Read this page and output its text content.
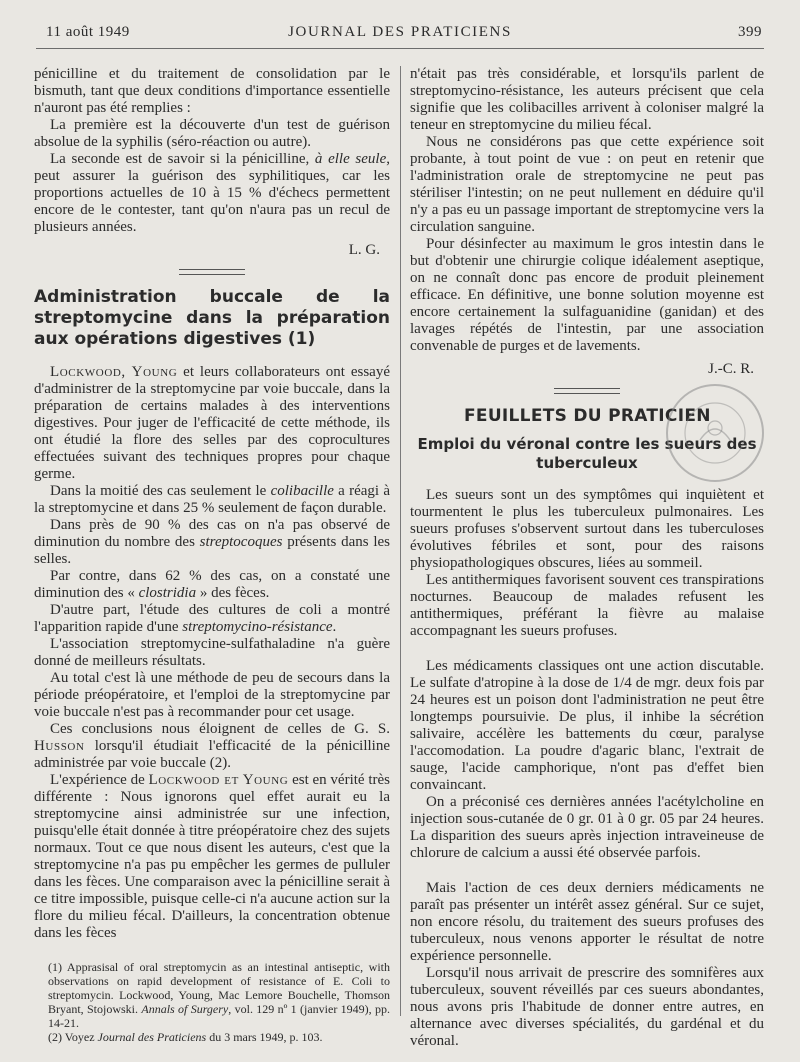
11 août 1949	JOURNAL DES PRATICIENS	399

pénicilline et du traitement de consolidation par le bismuth, tant que deux conditions d'importance essentielle n'auront pas été remplies :

La première est la découverte d'un test de guérison absolue de la syphilis (séro-réaction ou autre).

La seconde est de savoir si la pénicilline, à elle seule, peut assurer la guérison des syphilitiques, car les proportions actuelles de 10 à 15 % d'échecs permettent encore de le contester, tant qu'on n'aura pas un recul de plusieurs années.

L. G.

Administration buccale de la streptomycine dans la préparation aux opérations digestives (1)

Lockwood, Young et leurs collaborateurs ont essayé d'administrer de la streptomycine par voie buccale, dans la préparation de certains malades à des interventions digestives. Pour juger de l'efficacité de cette méthode, ils ont étudié la flore des selles par des coprocultures effectuées suivant des techniques propres pour chaque germe.

Dans la moitié des cas seulement le colibacille a réagi à la streptomycine et dans 25 % seulement de façon durable.

Dans près de 90 % des cas on n'a pas observé de diminution du nombre des streptocoques présents dans les selles.

Par contre, dans 62 % des cas, on a constaté une diminution des « clostridia » des fèces.

D'autre part, l'étude des cultures de coli a montré l'apparition rapide d'une streptomycino-résistance.

L'association streptomycine-sulfathaladine n'a guère donné de meilleurs résultats.

Au total c'est là une méthode de peu de secours dans la période préopératoire, et l'emploi de la streptomycine par voie buccale n'est pas à recommander pour cet usage.

Ces conclusions nous éloignent de celles de G. S. Husson lorsqu'il étudiait l'efficacité de la pénicilline administrée par voie buccale (2).

L'expérience de Lockwood et Young est en vérité très différente : Nous ignorons quel effet aurait eu la streptomycine ainsi administrée sur une infection, puisqu'elle était donnée à titre préopératoire chez des sujets normaux. Tout ce que nous disent les auteurs, c'est que la streptomycine n'a pas pu empêcher les germes de pulluler dans les fèces. Une comparaison avec la pénicilline serait à ce titre impossible, puisque celle-ci n'a aucune action sur la flore du milieu fécal. D'ailleurs, la concentration obtenue dans les fèces

(1) Apprasisal of oral streptomycin as an intestinal antiseptic, with observations on rapid development of resistance of E. Coli to streptomycin. Lockwood, Young, Mac Lemore Bouchelle, Thomson Bryant, Stojowski. Annals of Surgery, vol. 129 nº 1 (janvier 1949), pp. 14-21.

(2) Voyez Journal des Praticiens du 3 mars 1949, p. 103.

n'était pas très considérable, et lorsqu'ils parlent de streptomycino-résistance, les auteurs précisent que cela signifie que les colibacilles arrivent à coloniser malgré la teneur en streptomycine du milieu fécal.

Nous ne considérons pas que cette expérience soit probante, à tout point de vue : on peut en retenir que l'administration orale de streptomycine ne peut pas stériliser l'intestin; on ne peut nullement en déduire qu'il n'y a pas eu un passage important de streptomycine vers la circulation sanguine.

Pour désinfecter au maximum le gros intestin dans le but d'obtenir une chirurgie colique idéalement aseptique, on ne connaît donc pas encore de produit pleinement efficace. En définitive, une bonne solution moyenne est encore certainement la sulfaguanidine (ganidan) et des lavages répétés de l'intestin, par une association convenable de purges et de lavements.

J.-C. R.

FEUILLETS DU PRATICIEN
Emploi du véronal contre les sueurs des tuberculeux

Les sueurs sont un des symptômes qui inquiètent et tourmentent le plus les tuberculeux pulmonaires. Les sueurs profuses s'observent surtout dans les tuberculoses évolutives fébriles et sont, pour des raisons physiopathologiques obscures, liées au sommeil.

Les antithermiques favorisent souvent ces transpirations nocturnes. Beaucoup de malades refusent les antithermiques, préférant la fièvre au malaise accompagnant les sueurs profuses.

Les médicaments classiques ont une action discutable. Le sulfate d'atropine à la dose de 1/4 de mgr. deux fois par 24 heures est un poison dont l'administration ne peut être longtemps poursuivie. De plus, il inhibe la sécrétion salivaire, accélère les battements du cœur, paralyse l'accomodation. La poudre d'agaric blanc, l'extrait de sauge, l'acide camphorique, n'ont pas d'effet bien convaincant.

On a préconisé ces dernières années l'acétylcholine en injection sous-cutanée de 0 gr. 01 à 0 gr. 05 par 24 heures. La disparition des sueurs après injection intraveineuse de chlorure de calcium a aussi été observée parfois.

Mais l'action de ces deux derniers médicaments ne paraît pas présenter un intérêt assez général. Sur ce sujet, non encore résolu, du traitement des sueurs profuses des tuberculeux, nous venons apporter le résultat de notre expérience personnelle.

Lorsqu'il nous arrivait de prescrire des somnifères aux tuberculeux, souvent réveillés par ces sueurs abondantes, nous avons pris l'habitude de donner entre autres, en alternance avec diverses spécialités, du gardénal et du véronal.
